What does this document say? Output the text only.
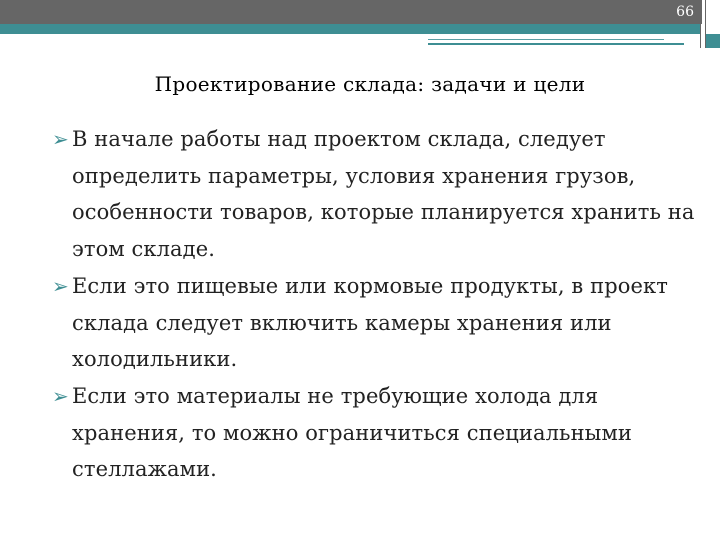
66
Проектирование склада: задачи и цели
➢ В начале работы над проектом склада, следует определить параметры, условия хранения грузов, особенности товаров, которые планируется хранить на этом складе.
➢ Если это пищевые или кормовые продукты, в проект склада следует включить камеры хранения или холодильники.
➢ Если это материалы не требующие холода для хранения, то можно ограничиться специальными стеллажами.
